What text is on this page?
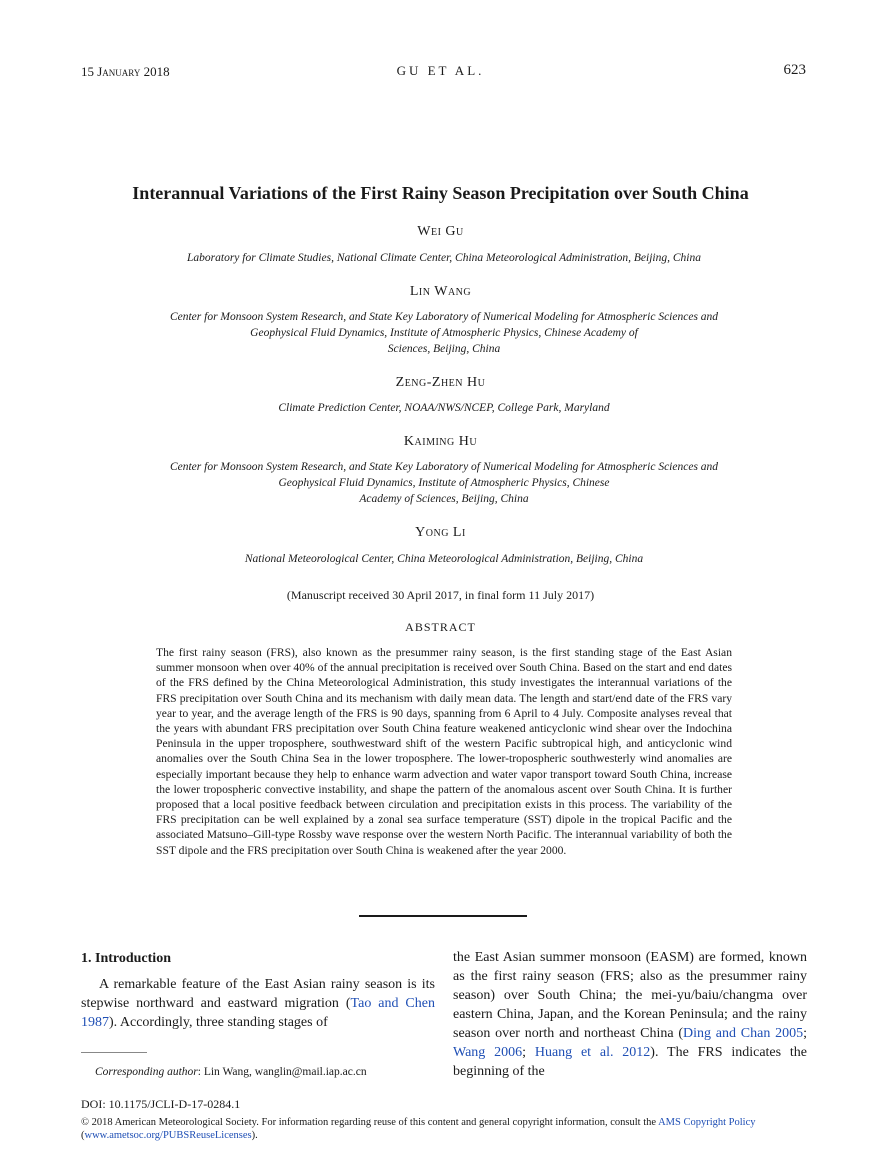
15 January 2018	GU ET AL.	623
Interannual Variations of the First Rainy Season Precipitation over South China
Wei Gu
Laboratory for Climate Studies, National Climate Center, China Meteorological Administration, Beijing, China
Lin Wang
Center for Monsoon System Research, and State Key Laboratory of Numerical Modeling for Atmospheric Sciences and
Geophysical Fluid Dynamics, Institute of Atmospheric Physics, Chinese Academy of
Sciences, Beijing, China
Zeng-Zhen Hu
Climate Prediction Center, NOAA/NWS/NCEP, College Park, Maryland
Kaiming Hu
Center for Monsoon System Research, and State Key Laboratory of Numerical Modeling for Atmospheric Sciences and
Geophysical Fluid Dynamics, Institute of Atmospheric Physics, Chinese
Academy of Sciences, Beijing, China
Yong Li
National Meteorological Center, China Meteorological Administration, Beijing, China
(Manuscript received 30 April 2017, in final form 11 July 2017)
ABSTRACT
The first rainy season (FRS), also known as the presummer rainy season, is the first standing stage of the East Asian summer monsoon when over 40% of the annual precipitation is received over South China. Based on the start and end dates of the FRS defined by the China Meteorological Administration, this study investigates the interannual variations of the FRS precipitation over South China and its mechanism with daily mean data. The length and start/end date of the FRS vary year to year, and the average length of the FRS is 90 days, spanning from 6 April to 4 July. Composite analyses reveal that the years with abundant FRS precipitation over South China feature weakened anticyclonic wind shear over the Indochina Peninsula in the upper troposphere, southwestward shift of the western Pacific subtropical high, and anticyclonic wind anomalies over the South China Sea in the lower troposphere. The lower-tropospheric southwesterly wind anomalies are especially important because they help to enhance warm advection and water vapor transport toward South China, increase the lower tropospheric convective instability, and shape the pattern of the anomalous ascent over South China. It is further proposed that a local positive feedback between circulation and precipitation exists in this process. The variability of the FRS precipitation can be well explained by a zonal sea surface temperature (SST) dipole in the tropical Pacific and the associated Matsuno–Gill-type Rossby wave response over the western North Pacific. The interannual variability of both the SST dipole and the FRS precipitation over South China is weakened after the year 2000.
1. Introduction
A remarkable feature of the East Asian rainy season is its stepwise northward and eastward migration (Tao and Chen 1987). Accordingly, three standing stages of
the East Asian summer monsoon (EASM) are formed, known as the first rainy season (FRS; also as the presummer rainy season) over South China; the mei-yu/baiu/changma over eastern China, Japan, and the Korean Peninsula; and the rainy season over north and northeast China (Ding and Chan 2005; Wang 2006; Huang et al. 2012). The FRS indicates the beginning of the
Corresponding author: Lin Wang, wanglin@mail.iap.ac.cn
DOI: 10.1175/JCLI-D-17-0284.1
© 2018 American Meteorological Society. For information regarding reuse of this content and general copyright information, consult the AMS Copyright Policy (www.ametsoc.org/PUBSReuseLicenses).
